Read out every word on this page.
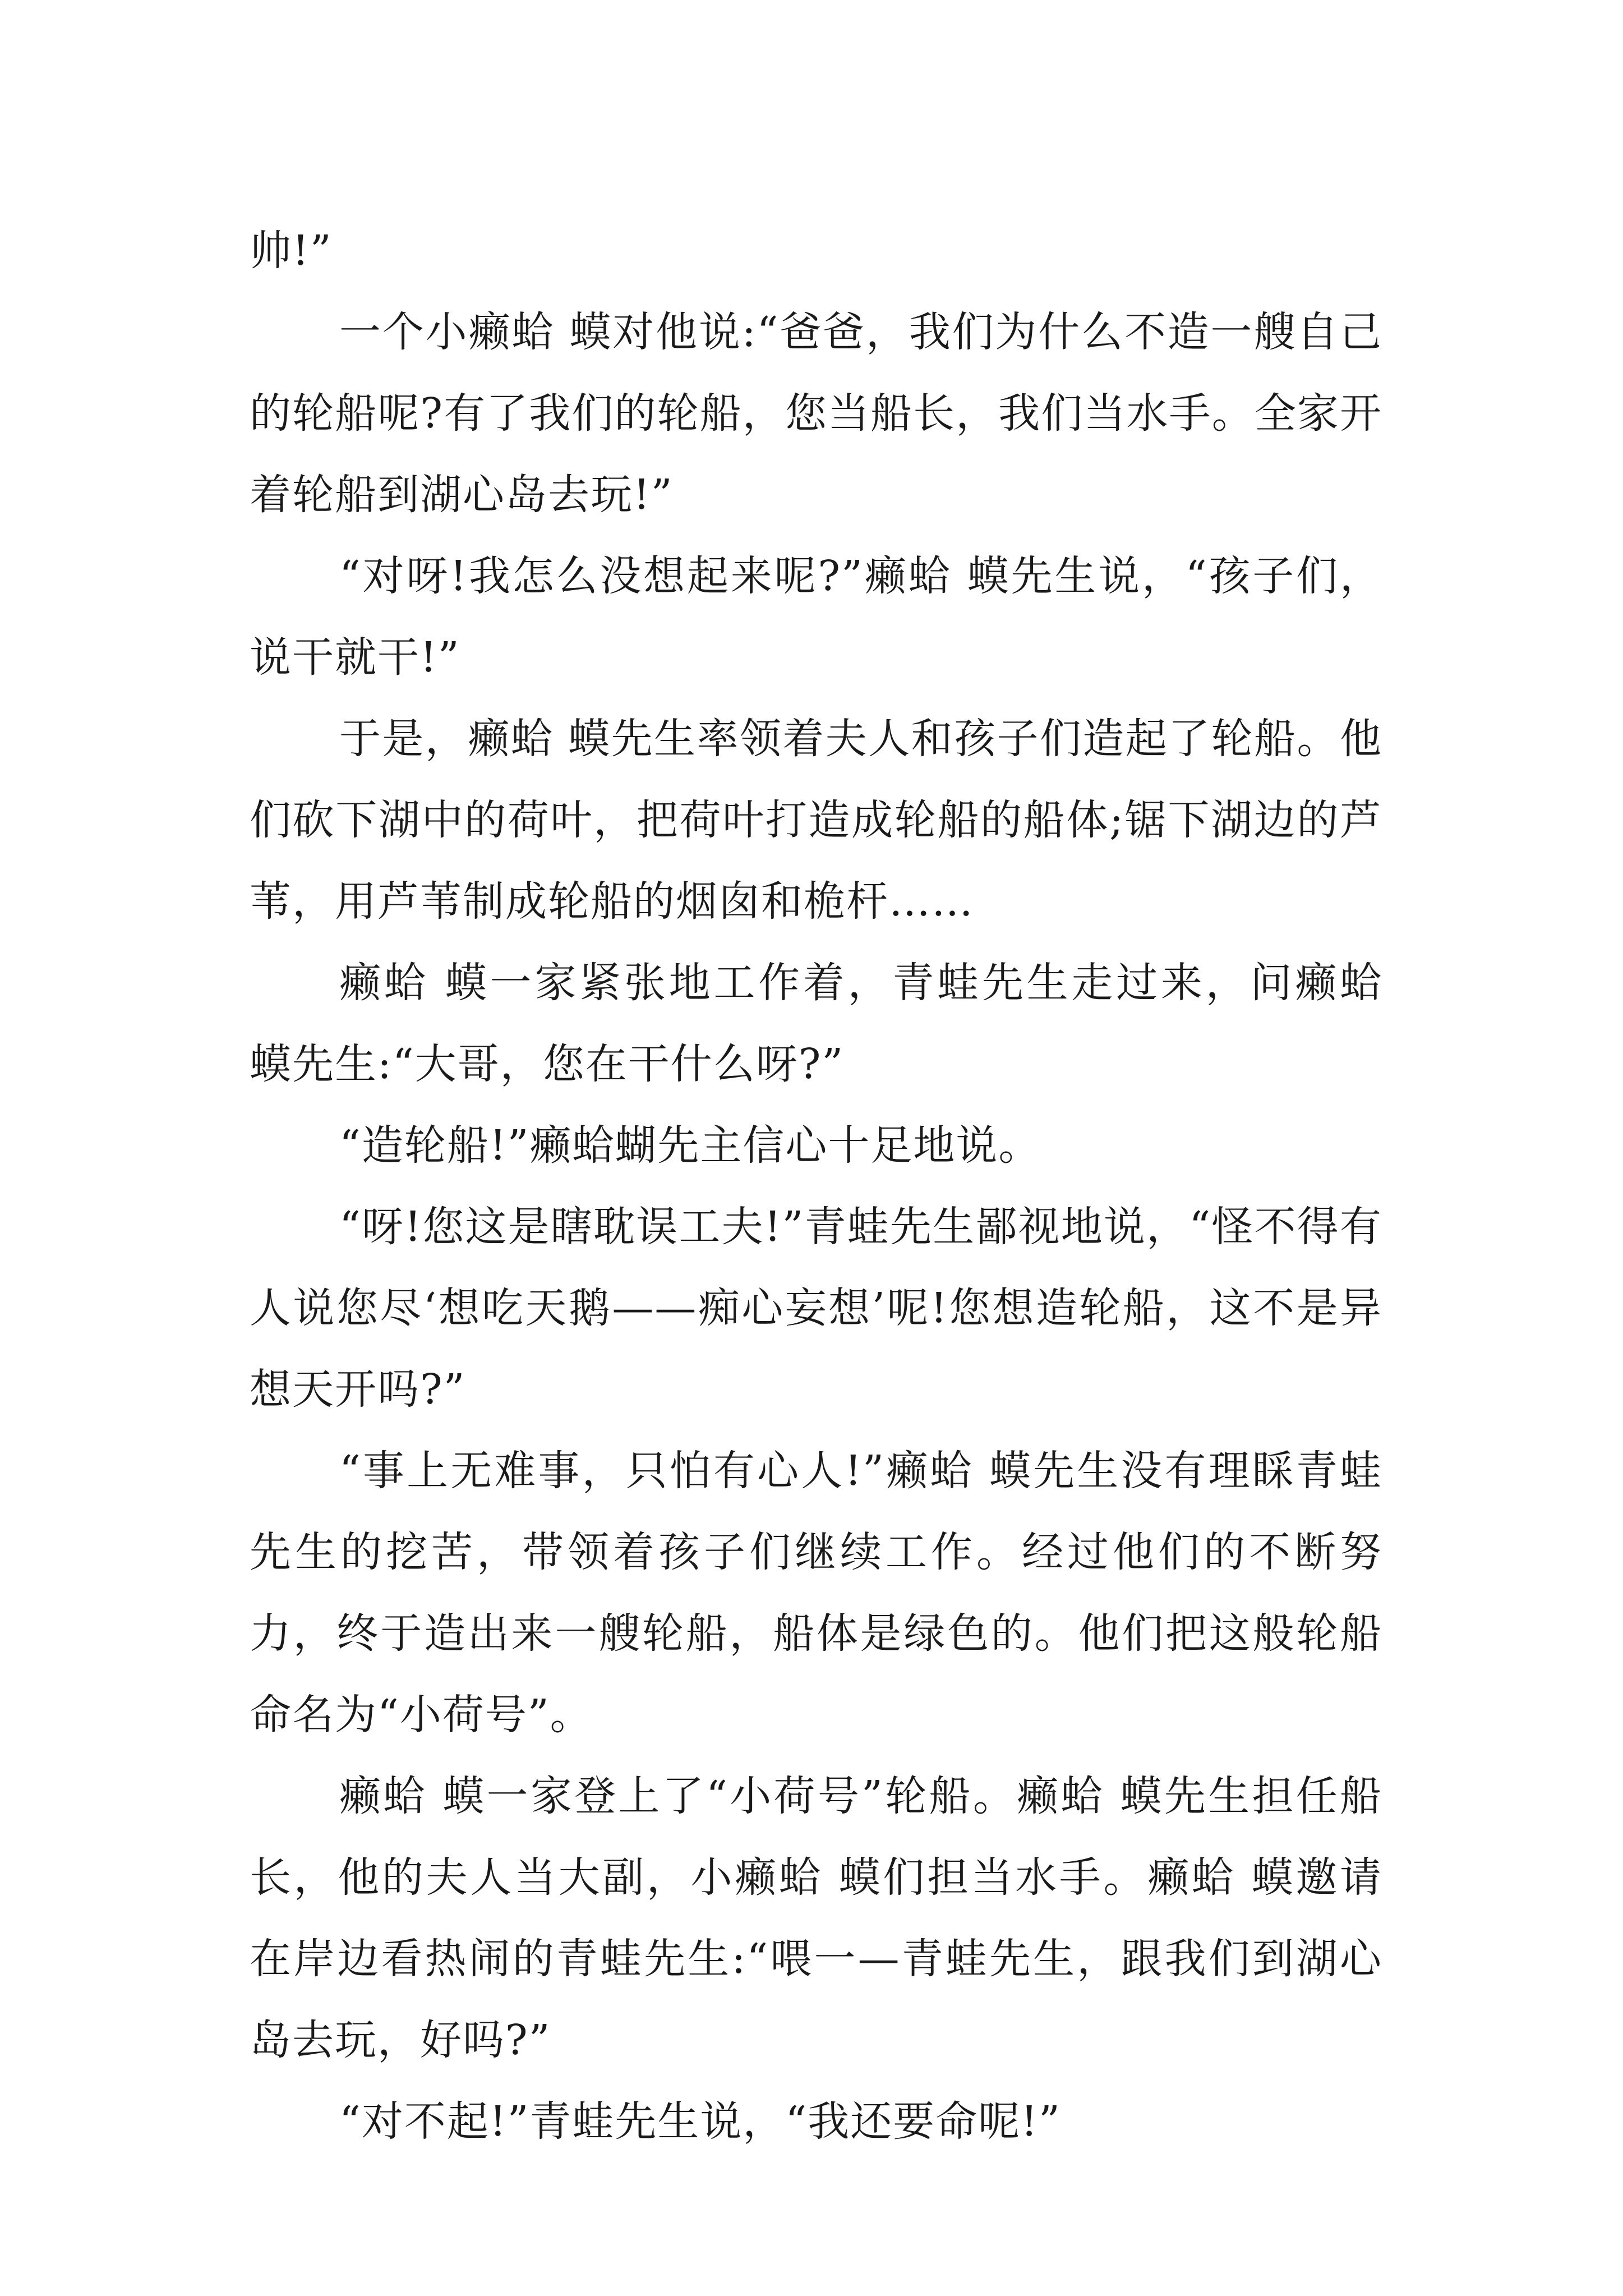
帅!”

一个小癞蛤 蟆对他说:“爸爸，我们为什么不造一艘自己的轮船呢?有了我们的轮船，您当船长，我们当水手。全家开着轮船到湖心岛去玩!”

“对呀!我怎么没想起来呢?”癞蛤 蟆先生说，“孩子们，说干就干!”

于是，癞蛤 蟆先生率领着夫人和孩子们造起了轮船。他们砍下湖中的荷叶，把荷叶打造成轮船的船体;锯下湖边的芦苇，用芦苇制成轮船的烟囱和桅杆……

癞蛤 蟆一家紧张地工作着，青蛙先生走过来，问癞蛤 蟆先生:“大哥，您在干什么呀?”

“造轮船!”癞蛤蝴先主信心十足地说。

“呀!您这是瞎耽误工夫!”青蛙先生鄙视地说，“怪不得有人说您尽‘想吃天鹅——痴心妄想’呢!您想造轮船，这不是异想天开吗?”

“事上无难事，只怕有心人!”癞蛤 蟆先生没有理睬青蛙先生的挖苦，带领着孩子们继续工作。经过他们的不断努力，终于造出来一艘轮船，船体是绿色的。他们把这般轮船命名为“小荷号”。

癞蛤 蟆一家登上了“小荷号”轮船。癞蛤 蟆先生担任船长，他的夫人当大副，小癞蛤 蟆们担当水手。癞蛤 蟆邀请在岸边看热闹的青蛙先生:“喂一—青蛙先生，跟我们到湖心岛去玩，好吗?”

“对不起!”青蛙先生说，“我还要命呢!”
